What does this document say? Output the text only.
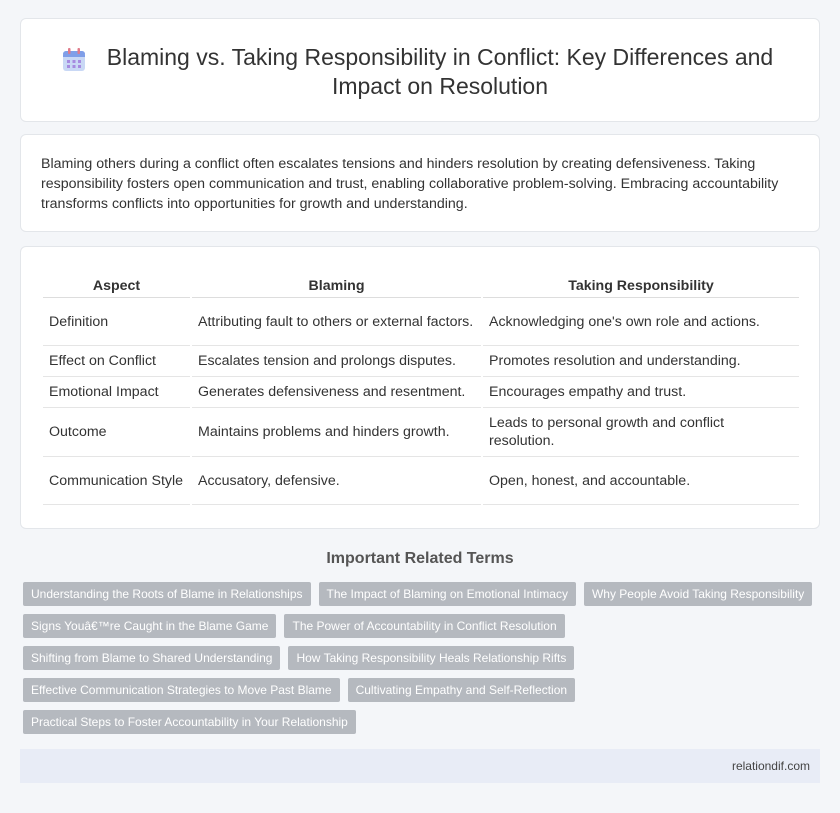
Blaming vs. Taking Responsibility in Conflict: Key Differences and Impact on Resolution

Blaming others during a conflict often escalates tensions and hinders resolution by creating defensiveness. Taking responsibility fosters open communication and trust, enabling collaborative problem-solving. Embracing accountability transforms conflicts into opportunities for growth and understanding.

Aspect	Blaming	Taking Responsibility
Definition	Attributing fault to others or external factors.	Acknowledging one's own role and actions.
Effect on Conflict	Escalates tension and prolongs disputes.	Promotes resolution and understanding.
Emotional Impact	Generates defensiveness and resentment.	Encourages empathy and trust.
Outcome	Maintains problems and hinders growth.	Leads to personal growth and conflict resolution.
Communication Style	Accusatory, defensive.	Open, honest, and accountable.
Important Related Terms
Understanding the Roots of Blame in Relationships	The Impact of Blaming on Emotional Intimacy	Why People Avoid Taking Responsibility
Signs Youâ€™re Caught in the Blame Game	The Power of Accountability in Conflict Resolution
Shifting from Blame to Shared Understanding	How Taking Responsibility Heals Relationship Rifts
Effective Communication Strategies to Move Past Blame	Cultivating Empathy and Self-Reflection
Practical Steps to Foster Accountability in Your Relationship
relationdif.com
